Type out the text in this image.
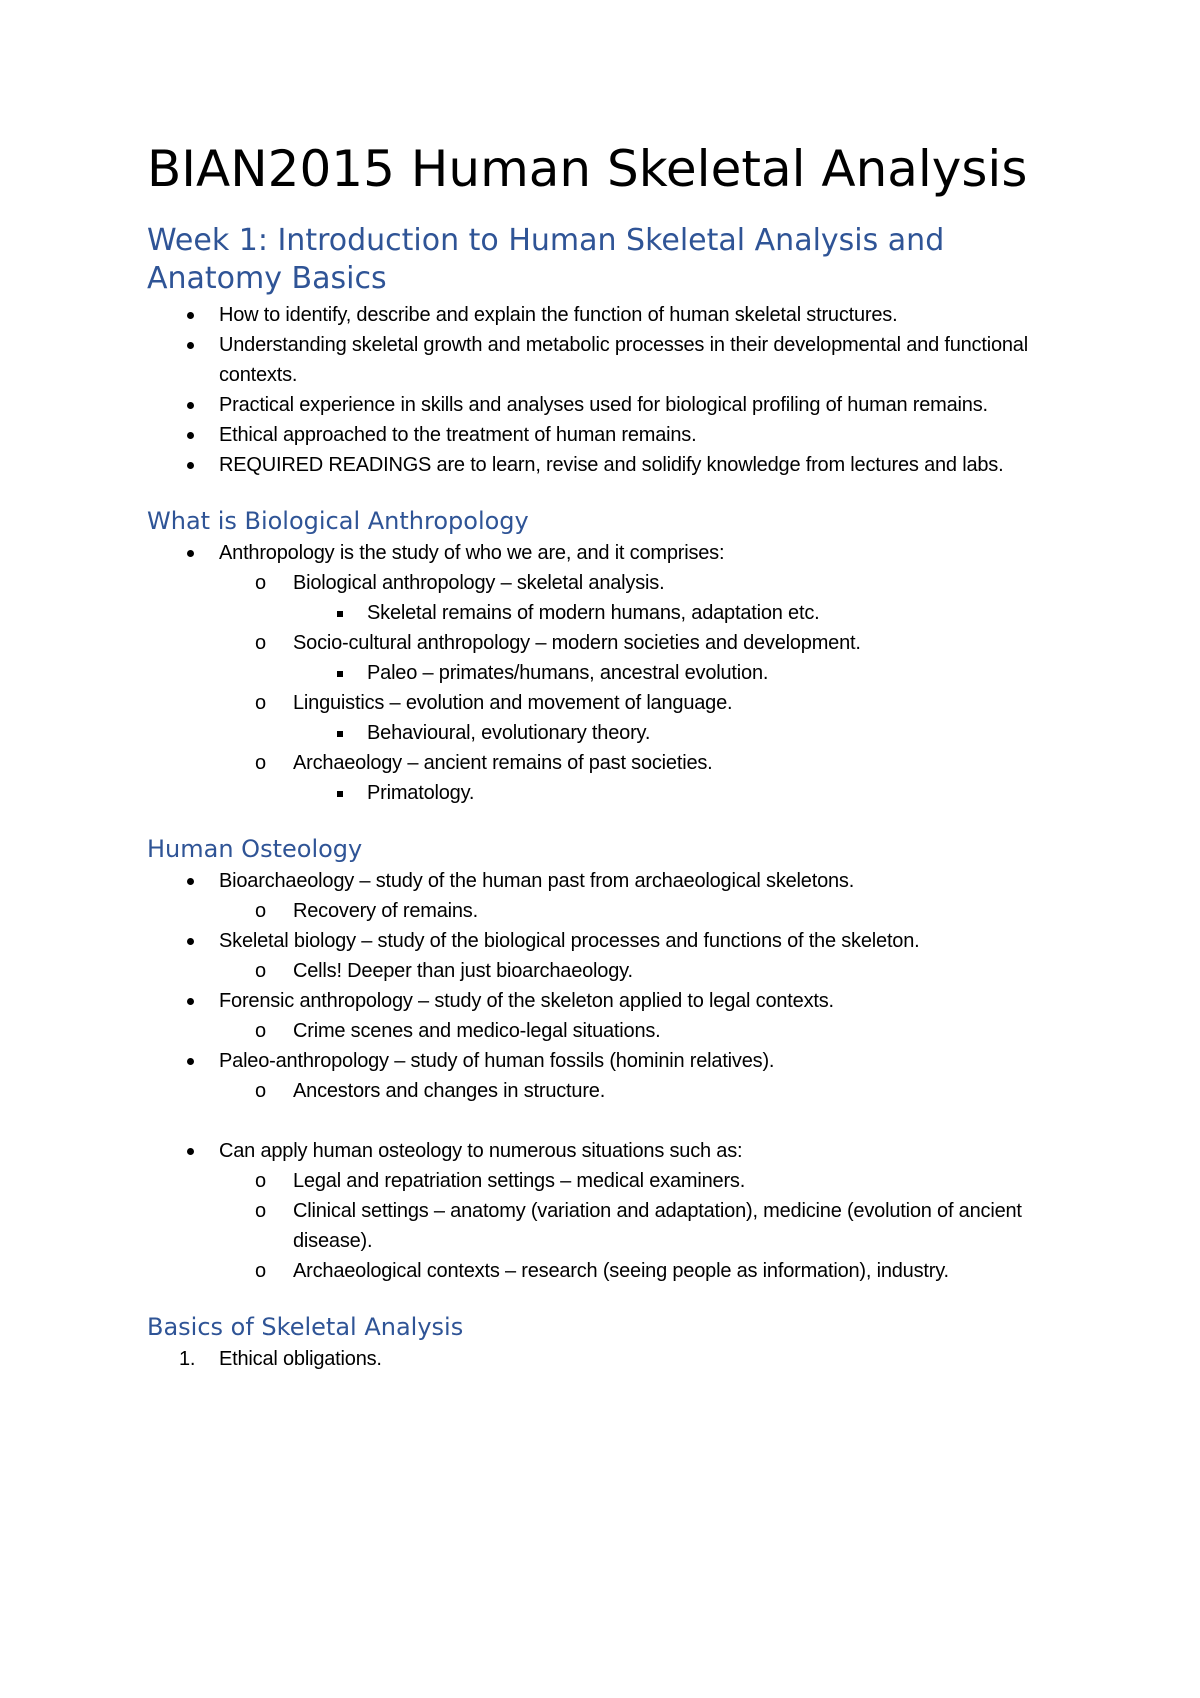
BIAN2015 Human Skeletal Analysis
Week 1: Introduction to Human Skeletal Analysis and Anatomy Basics
How to identify, describe and explain the function of human skeletal structures.
Understanding skeletal growth and metabolic processes in their developmental and functional contexts.
Practical experience in skills and analyses used for biological profiling of human remains.
Ethical approached to the treatment of human remains.
REQUIRED READINGS are to learn, revise and solidify knowledge from lectures and labs.
What is Biological Anthropology
Anthropology is the study of who we are, and it comprises:
o Biological anthropology – skeletal analysis.
Skeletal remains of modern humans, adaptation etc.
o Socio-cultural anthropology – modern societies and development.
Paleo – primates/humans, ancestral evolution.
o Linguistics – evolution and movement of language.
Behavioural, evolutionary theory.
o Archaeology – ancient remains of past societies.
Primatology.
Human Osteology
Bioarchaeology – study of the human past from archaeological skeletons.
o Recovery of remains.
Skeletal biology – study of the biological processes and functions of the skeleton.
o Cells! Deeper than just bioarchaeology.
Forensic anthropology – study of the skeleton applied to legal contexts.
o Crime scenes and medico-legal situations.
Paleo-anthropology – study of human fossils (hominin relatives).
o Ancestors and changes in structure.
Can apply human osteology to numerous situations such as:
o Legal and repatriation settings – medical examiners.
o Clinical settings – anatomy (variation and adaptation), medicine (evolution of ancient disease).
o Archaeological contexts – research (seeing people as information), industry.
Basics of Skeletal Analysis
1. Ethical obligations.
